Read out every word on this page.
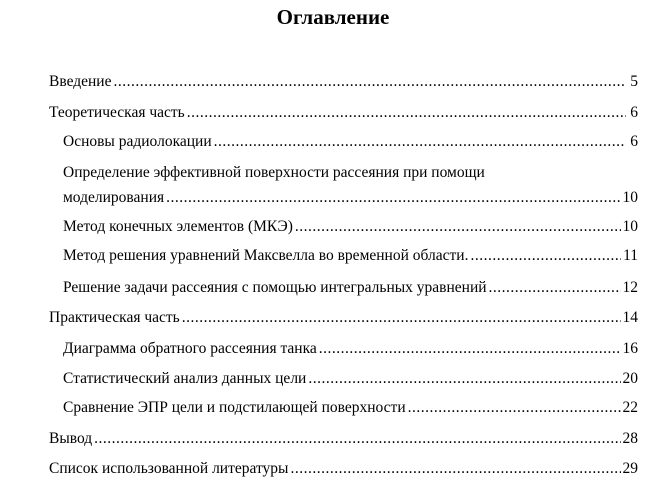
Оглавление
Введение .....	5
Теоретическая часть .....	6
Основы радиолокации .....	6
Определение эффективной поверхности рассеяния при помощи
моделирования .....	10
Метод конечных элементов (МКЭ) .....	10
Метод решения уравнений Максвелла во временной области. .....	11
Решение задачи рассеяния с помощью интегральных уравнений .....	12
Практическая часть .....	14
Диаграмма обратного рассеяния танка .....	16
Статистический анализ данных цели .....	20
Сравнение ЭПР цели и подстилающей поверхности .....	22
Вывод .....	28
Список использованной литературы .....	29
